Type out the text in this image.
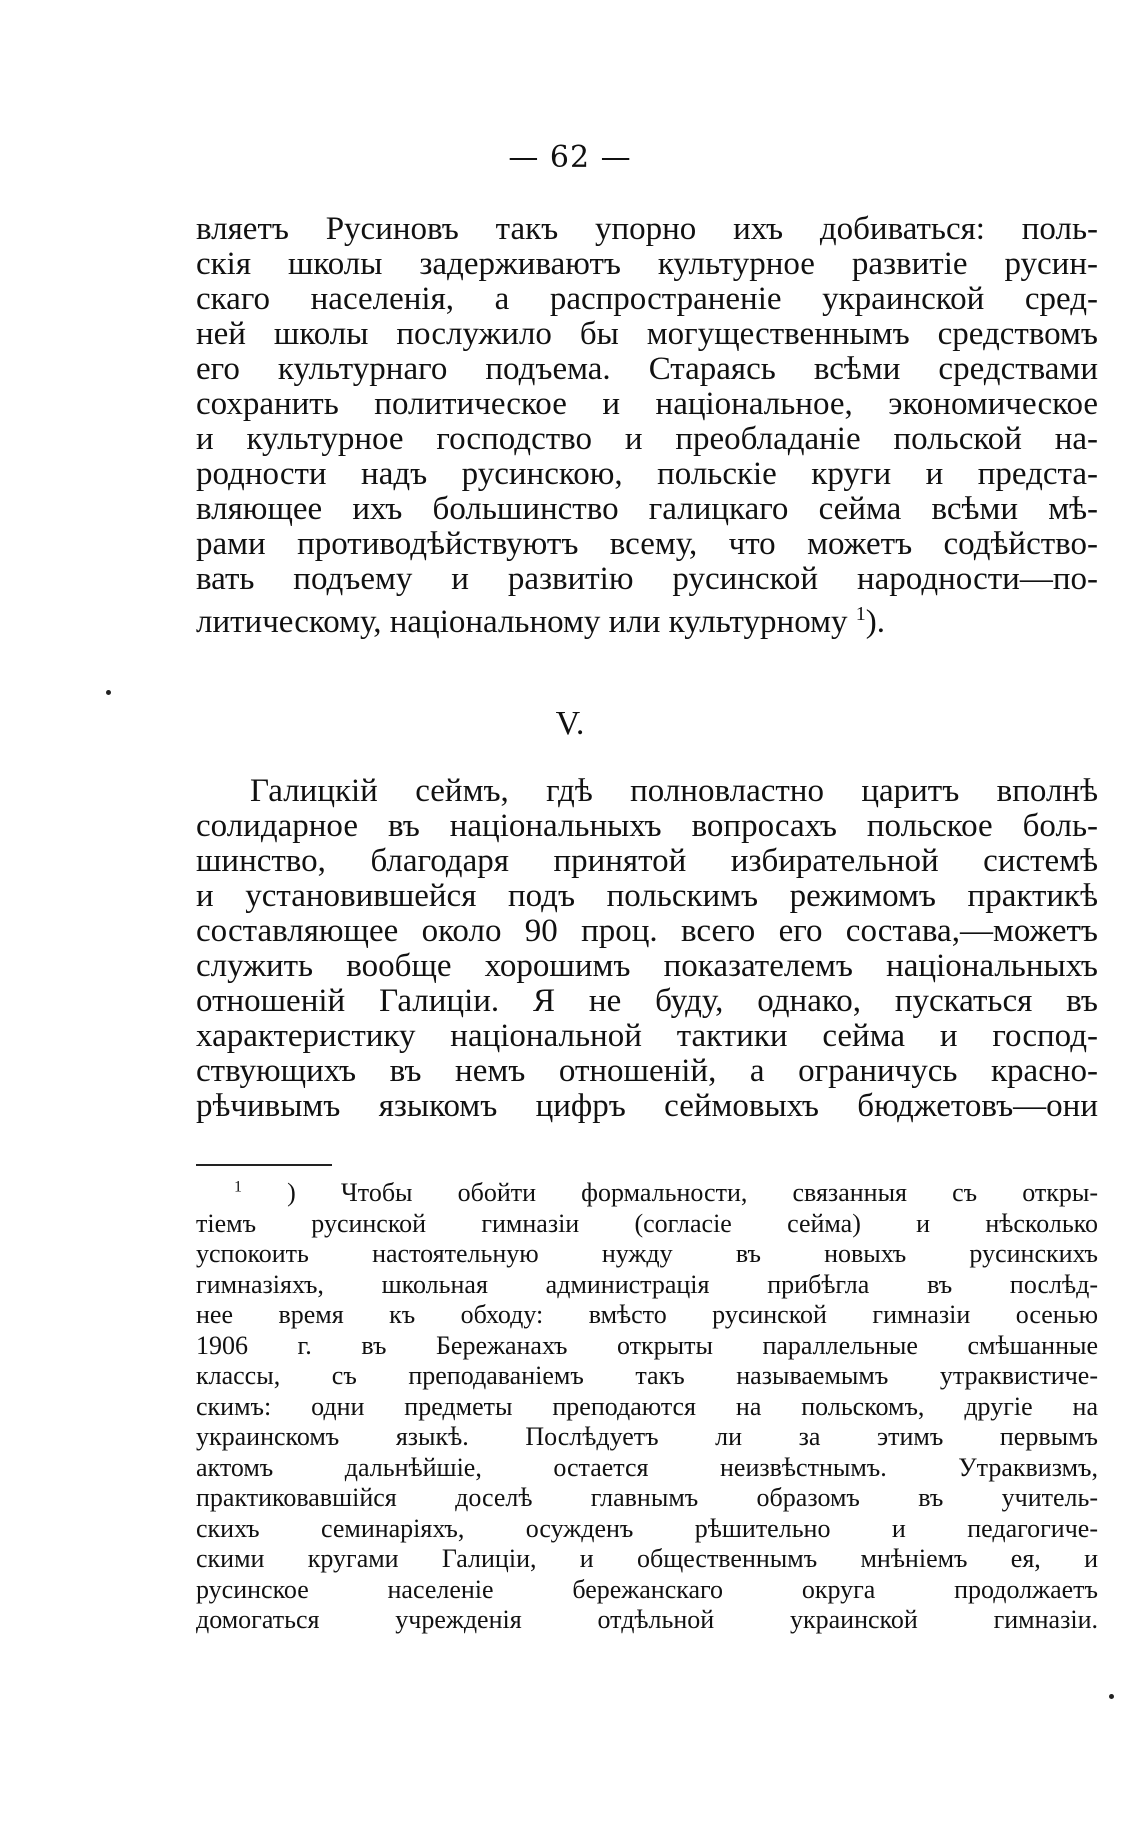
— 62 —
вляетъ Русиновъ такъ упорно ихъ добиваться: поль-
скія школы задерживаютъ культурное развитіе русин-
скаго населенія, а распространеніе украинской сред-
ней школы послужило бы могущественнымъ средствомъ
его культурнаго подъема. Стараясь всѣми средствами
сохранить политическое и національное, экономическое
и культурное господство и преобладаніе польской на-
родности надъ русинскою, польскіе круги и предста-
вляющее ихъ большинство галицкаго сейма всѣми мѣ-
рами противодѣйствуютъ всему, что можетъ содѣйство-
вать подъему и развитію русинской народности—по-
литическому, національному или культурному $^1$).
V.
Галицкій сеймъ, гдѣ полновластно царитъ вполнѣ
солидарное въ національныхъ вопросахъ польское боль-
шинство, благодаря принятой избирательной системѣ
и установившейся подъ польскимъ режимомъ практикѣ
составляющее около 90 проц. всего его состава,—можетъ
служить вообще хорошимъ показателемъ національныхъ
отношеній Галиціи. Я не буду, однако, пускаться въ
характеристику національной тактики сейма и господ-
ствующихъ въ немъ отношеній, а ограничусь красно-
рѣчивымъ языкомъ цифръ сеймовыхъ бюджетовъ—они
$^1$ ) Чтобы обойти формальности, связанныя съ откры-
тіемъ русинской гимназіи (согласіе сейма) и нѣсколько
успокоить настоятельную нужду въ новыхъ русинскихъ
гимназіяхъ, школьная администрація прибѣгла въ послѣд-
нее время къ обходу: вмѣсто русинской гимназіи осенью
1906 г. въ Бережанахъ открыты параллельные смѣшанные
классы, съ преподаваніемъ такъ называемымъ утраквистиче-
скимъ: одни предметы преподаются на польскомъ, другіе на
украинскомъ языкѣ. Послѣдуетъ ли за этимъ первымъ
актомъ дальнѣйшіе, остается неизвѣстнымъ. Утраквизмъ,
практиковавшійся доселѣ главнымъ образомъ въ учитель-
скихъ семинаріяхъ, осужденъ рѣшительно и педагогиче-
скими кругами Галиціи, и общественнымъ мнѣніемъ ея, и
русинское населеніе бережанскаго округа продолжаетъ
домогаться учрежденія отдѣльной украинской гимназіи.
